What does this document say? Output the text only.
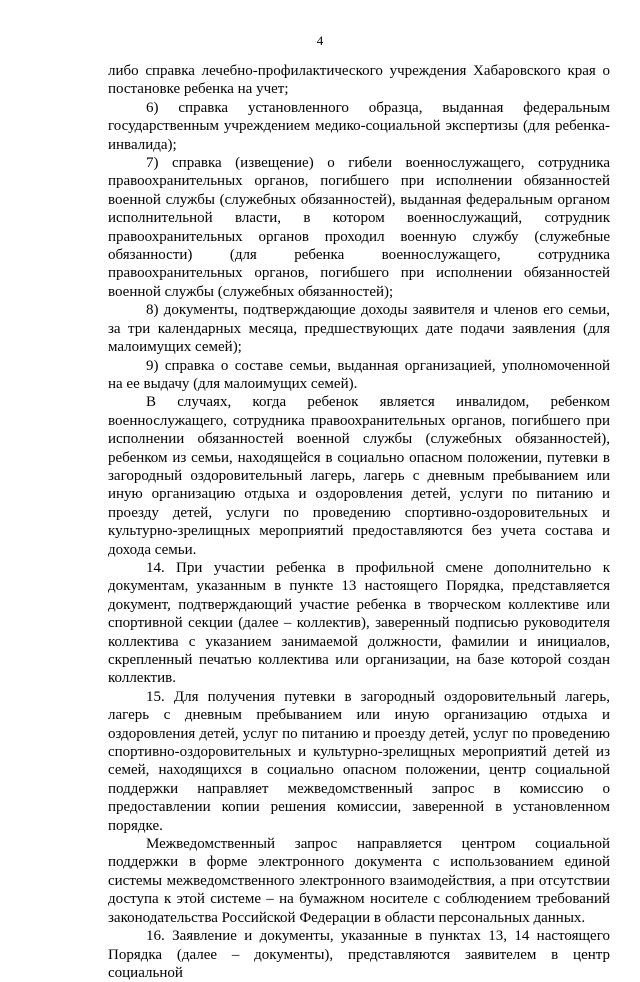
4

либо справка лечебно-профилактического учреждения Хабаровского края о постановке ребенка на учет;

6) справка установленного образца, выданная федеральным государственным учреждением медико-социальной экспертизы (для ребенка-инвалида);

7) справка (извещение) о гибели военнослужащего, сотрудника правоохранительных органов, погибшего при исполнении обязанностей военной службы (служебных обязанностей), выданная федеральным органом исполнительной власти, в котором военнослужащий, сотрудник правоохранительных органов проходил военную службу (служебные обязанности) (для ребенка военнослужащего, сотрудника правоохранительных органов, погибшего при исполнении обязанностей военной службы (служебных обязанностей);

8) документы, подтверждающие доходы заявителя и членов его семьи, за три календарных месяца, предшествующих дате подачи заявления (для малоимущих семей);

9) справка о составе семьи, выданная организацией, уполномоченной на ее выдачу (для малоимущих семей).

В случаях, когда ребенок является инвалидом, ребенком военнослужащего, сотрудника правоохранительных органов, погибшего при исполнении обязанностей военной службы (служебных обязанностей), ребенком из семьи, находящейся в социально опасном положении, путевки в загородный оздоровительный лагерь, лагерь с дневным пребыванием или иную организацию отдыха и оздоровления детей, услуги по питанию и проезду детей, услуги по проведению спортивно-оздоровительных и культурно-зрелищных мероприятий предоставляются без учета состава и дохода семьи.

14. При участии ребенка в профильной смене дополнительно к документам, указанным в пункте 13 настоящего Порядка, представляется документ, подтверждающий участие ребенка в творческом коллективе или спортивной секции (далее – коллектив), заверенный подписью руководителя коллектива с указанием занимаемой должности, фамилии и инициалов, скрепленный печатью коллектива или организации, на базе которой создан коллектив.

15. Для получения путевки в загородный оздоровительный лагерь, лагерь с дневным пребыванием или иную организацию отдыха и оздоровления детей, услуг по питанию и проезду детей, услуг по проведению спортивно-оздоровительных и культурно-зрелищных мероприятий детей из семей, находящихся в социально опасном положении, центр социальной поддержки направляет межведомственный запрос в комиссию о предоставлении копии решения комиссии, заверенной в установленном порядке.

Межведомственный запрос направляется центром социальной поддержки в форме электронного документа с использованием единой системы межведомственного электронного взаимодействия, а при отсутствии доступа к этой системе – на бумажном носителе с соблюдением требований законодательства Российской Федерации в области персональных данных.

16. Заявление и документы, указанные в пунктах 13, 14 настоящего Порядка (далее – документы), представляются заявителем в центр социальной
